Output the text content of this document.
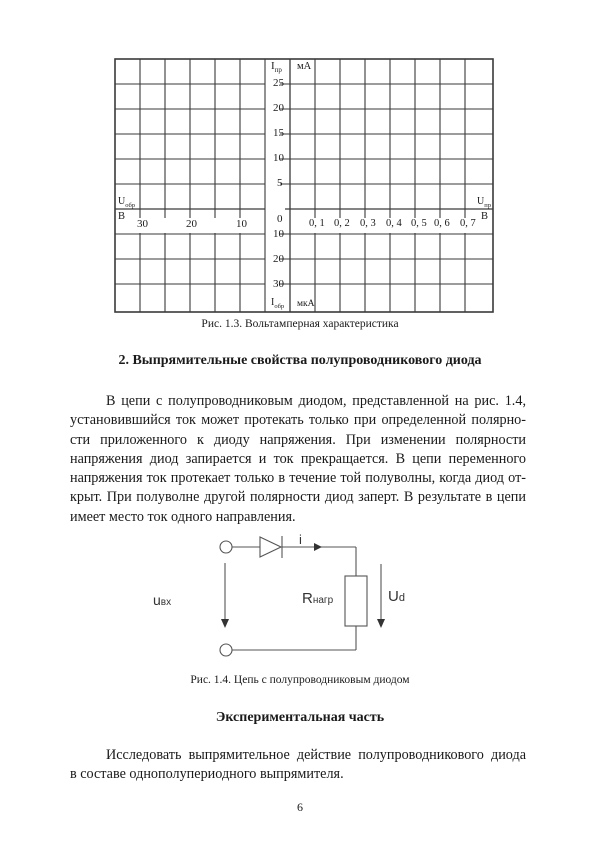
$I_{пр}$ мА
25
20
15
10
5
$U_{обр}$
В
$U_{пр}$
В
0
30	20	10	0, 1 0, 2 0, 3 0, 4 0, 5 0, 6 0, 7
10
20
30
$I_{обр}$ мкА
Рис. 1.3. Вольтамперная характеристика
2. Выпрямительные свойства полупроводникового диода
В цепи с полупроводниковым диодом, представленной на рис. 1.4,
установившийся ток может протекать только при определенной полярно-
сти приложенного к диоду напряжения. При изменении полярности
напряжения диод запирается и ток прекращается. В цепи переменного
напряжения ток протекает только в течение той полуволны, когда диод от-
крыт. При полуволне другой полярности диод заперт. В результате в цепи
имеет место ток одного направления.
i
uвх	Rнагр	Ud
Рис. 1.4. Цепь с полупроводниковым диодом
Экспериментальная часть
Исследовать выпрямительное действие полупроводникового диода
в составе однополупериодного выпрямителя.
6
